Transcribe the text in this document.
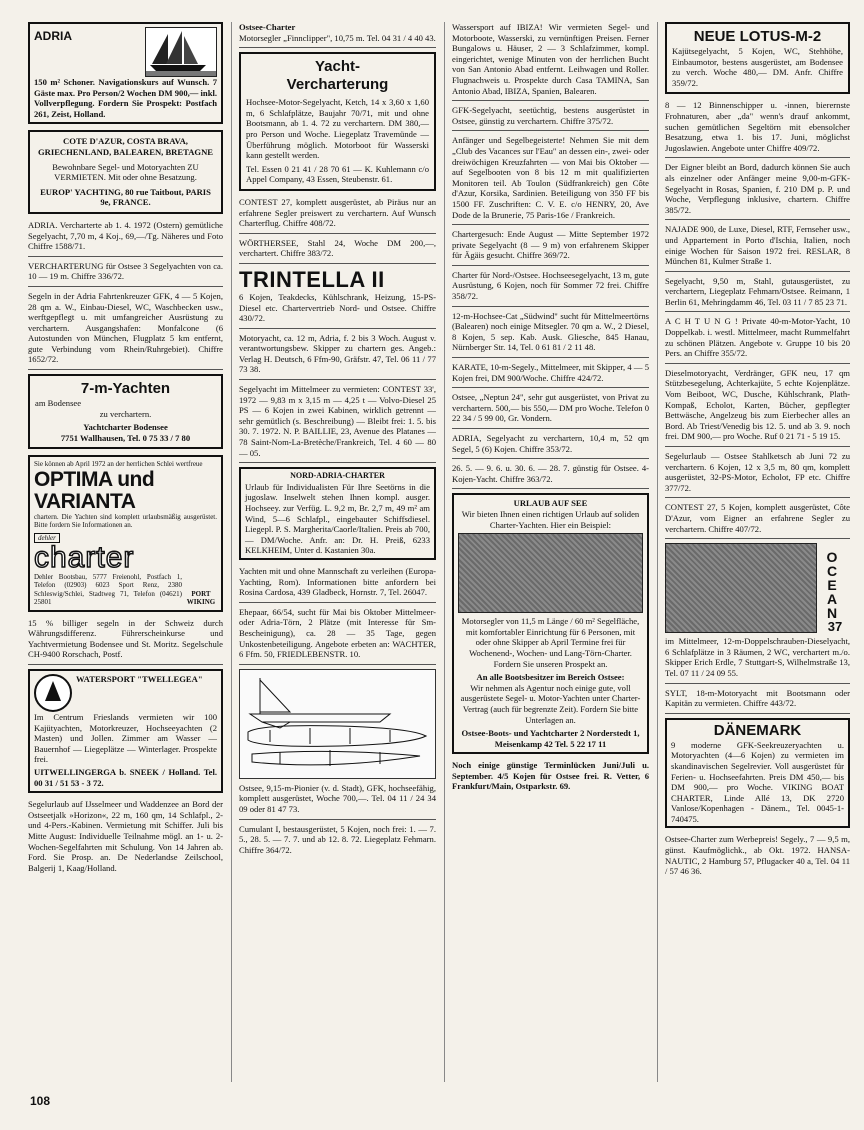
ADRIA
150 m² Schoner. Navigationskurs auf Wunsch. 7 Gäste max. Pro Person/2 Wochen DM 900,— inkl. Vollverpflegung. Fordern Sie Prospekt: Postfach 261, Zeist, Holland.
COTE D'AZUR, COSTA BRAVA, GRIECHENLAND, BALEAREN, BRETAGNE
Bewohnbare Segel- und Motoryachten ZU VERMIETEN. Mit oder ohne Besatzung.
EUROP' YACHTING, 80 rue Taitbout, PARIS 9e, FRANCE.
ADRIA. Vercharterte ab 1. 4. 1972 (Ostern) gemütliche Segelyacht, 7,70 m, 4 Koj., 69,—/Tg. Näheres und Foto Chiffre 1588/71.
VERCHARTERUNG für Ostsee 3 Segelyachten von ca. 10 — 19 m. Chiffre 336/72.
Segeln in der Adria Fahrtenkreuzer GFK, 4 — 5 Kojen, 28 qm a. W., Einbau-Diesel, WC, Waschbecken usw., werftgepflegt u. mit umfangreicher Ausrüstung zu verchartern. Ausgangshafen: Monfalcone (6 Autostunden von München, Flugplatz 5 km entfernt, gute Verbindung vom Rhein/Ruhrgebiet). Chiffre 1652/72.
7-m-Yachten
am Bodensee
zu verchartern.
Yachtcharter Bodensee
7751 Wallhausen, Tel. 0 75 33 / 7 80
Sie können ab April 1972 an der herrlichen Schlei wertfreue
OPTIMA und
VARIANTA
chartern. Die Yachten sind komplett urlaubsmäßig ausgerüstet. Bitte fordern Sie Informationen an.
dehler
charter
Dehler Bootsbau, 5777 Freienohl, Postfach 1, Telefon (02903) 6023 Sport Renz, 2380 Schleswig/Schlei, Stadtweg 71, Telefon (04621) 25801
PORT WIKING
15 % billiger segeln in der Schweiz durch Währungsdifferenz. Führerscheinkurse und Yachtvermietung Bodensee und St. Moritz. Segelschule CH-9400 Rorschach, Postf.
WATERSPORT "TWELLEGEA"
Im Centrum Frieslands vermieten wir 100 Kajütyachten, Motorkreuzer, Hochseeyachten (2 Masten) und Jollen. Zimmer am Wasser — Bauernhof — Liegeplätze — Winterlager. Prospekte frei.
UITWELLINGERGA b. SNEEK / Holland. Tel. 00 31 / 51 53 - 3 72.
Segelurlaub auf IJsselmeer und Waddenzee an Bord der Ostseetjalk »Horizon«, 22 m, 160 qm, 14 Schlafpl., 2- und 4-Pers.-Kabinen. Vermietung mit Schiffer. Juli bis Mitte August: Individuelle Teilnahme mögl. an 1- u. 2-Wochen-Segelfahrten mit Schulung. Von 14 Jahren ab. Ford. Sie Prosp. an. De Nederlandse Zeilschool, Balgerij 1, Kaag/Holland.
Ostsee-Charter
Motorsegler „Finnclipper", 10,75 m. Tel. 04 31 / 4 40 43.
Yacht-
Vercharterung
Hochsee-Motor-Segelyacht, Ketch, 14 x 3,60 x 1,60 m, 6 Schlafplätze, Baujahr 70/71, mit und ohne Bootsmann, ab 1. 4. 72 zu verchartern. DM 380,— pro Person und Woche. Liegeplatz Travemünde — Überführung möglich. Motorboot für Wasserski kann gestellt werden.
Tel. Essen 0 21 41 / 28 70 61 — K. Kuhlemann c/o Appel Company, 43 Essen, Steubenstr. 61.
CONTEST 27, komplett ausgerüstet, ab Piräus nur an erfahrene Segler preiswert zu verchartern. Auf Wunsch Charterflug. Chiffre 408/72.
WÖRTHERSEE, Stahl 24, Woche DM 200,—, verchartert. Chiffre 383/72.
TRINTELLA II
6 Kojen, Teakdecks, Kühlschrank, Heizung, 15-PS-Diesel etc. Chartervertrieb Nord- und Ostsee. Chiffre 430/72.
Motoryacht, ca. 12 m, Adria, f. 2 bis 3 Woch. August v. verantwortungsbew. Skipper zu chartern ges. Angeb.: Verlag H. Deutsch, 6 Ffm-90, Gräfstr. 47, Tel. 06 11 / 77 73 38.
Segelyacht im Mittelmeer zu vermieten: CONTEST 33', 1972 — 9,83 m x 3,15 m — 4,25 t — Volvo-Diesel 25 PS — 6 Kojen in zwei Kabinen, wirklich getrennt — sehr gemütlich (s. Beschreibung) — Bleibt frei: 1. 5. bis 30. 7. 1972. N. P. BAILLIE, 23, Avenue des Platanes — 78 Saint-Nom-La-Bretèche/Frankreich, Tel. 4 60 — 80 — 05.
NORD-ADRIA-CHARTER
Urlaub für Individualisten Für Ihre Seetörns in die jugoslaw. Inselwelt stehen Ihnen kompl. ausger. Hochseey. zur Verfüg. L. 9,2 m, Br. 2,7 m, 49 m² am Wind, 5—6 Schlafpl., eingebauter Schiffsdiesel. Liegepl. P. S. Margherita/Caorle/Italien. Preis ab 700,— DM/Woche. Anfr. an: Dr. H. Preiß, 6233 KELKHEIM, Unter d. Kastanien 30a.
Yachten mit und ohne Mannschaft zu verleihen (Europa-Yachting, Rom). Informationen bitte anfordern bei Rosina Cardosa, 439 Gladbeck, Hornstr. 7, Tel. 26047.
Ehepaar, 66/54, sucht für Mai bis Oktober Mittelmeer- oder Adria-Törn, 2 Plätze (mit Interesse für Sm-Bescheinigung), ca. 28 — 35 Tage, gegen Unkostenbeteiligung. Angebote erbeten an: WACHTER, 6 Ffm. 50, FRIEDLEBENSTR. 10.
Ostsee, 9,15-m-Pionier (v. d. Stadt), GFK, hochseefähig, komplett ausgerüstet, Woche 700,—. Tel. 04 11 / 24 34 09 oder 81 47 73.
Cumulant I, bestausgerüstet, 5 Kojen, noch frei: 1. — 7. 5., 28. 5. — 7. 7. und ab 12. 8. 72. Liegeplatz Fehmarn. Chiffre 364/72.
Wassersport auf IBIZA! Wir vermieten Segel- und Motorboote, Wasserski, zu vernünftigen Preisen. Ferner Bungalows u. Häuser, 2 — 3 Schlafzimmer, kompl. eingerichtet, wenige Minuten von der herrlichen Bucht von San Antonio Abad entfernt. Leihwagen und Roller. Flugnachweis u. Prospekte durch Casa TAMINA, San Antonio Abad, IBIZA, Spanien, Balearen.
GFK-Segelyacht, seetüchtig, bestens ausgerüstet in Ostsee, günstig zu verchartern. Chiffre 375/72.
Anfänger und Segelbegeisterte! Nehmen Sie mit dem „Club des Vacances sur l'Eau" an dessen ein-, zwei- oder dreiwöchigen Kreuzfahrten — von Mai bis Oktober — auf Segelbooten von 8 bis 12 m mit qualifizierten Monitoren teil. Ab Toulon (Südfrankreich) gen Côte d'Azur, Korsika, Sardinien. Beteiligung von 350 FF bis 1500 FF. Zuschriften: C. V. E. c/o HENRY, 20, Ave Dode de la Brunerie, 75 Paris-16e / Frankreich.
Chartergesuch: Ende August — Mitte September 1972 private Segelyacht (8 — 9 m) von erfahrenem Skipper für Ägäis gesucht. Chiffre 369/72.
Charter für Nord-/Ostsee. Hochseesegelyacht, 13 m, gute Ausrüstung, 6 Kojen, noch für Sommer 72 frei. Chiffre 358/72.
12-m-Hochsee-Cat „Südwind" sucht für Mittelmeertörns (Balearen) noch einige Mitsegler. 70 qm a. W., 2 Diesel, 8 Kojen, 5 sep. Kab. Ausk. Gliesche, 845 Hanau, Nürnberger Str. 14, Tel. 0 61 81 / 2 11 48.
KARATE, 10-m-Segely., Mittelmeer, mit Skipper, 4 — 5 Kojen frei, DM 900/Woche. Chiffre 424/72.
Ostsee, „Neptun 24", sehr gut ausgerüstet, von Privat zu verchartern. 500,— bis 550,— DM pro Woche. Telefon 0 22 34 / 5 99 00, Gr. Vondern.
ADRIA, Segelyacht zu verchartern, 10,4 m, 52 qm Segel, 5 (6) Kojen. Chiffre 353/72.
26. 5. — 9. 6. u. 30. 6. — 28. 7. günstig für Ostsee. 4-Kojen-Yacht. Chiffre 363/72.
URLAUB AUF SEE
Wir bieten Ihnen einen richtigen Urlaub auf soliden Charter-Yachten. Hier ein Beispiel:
Motorsegler von 11,5 m Länge / 60 m² Segelfläche, mit komfortabler Einrichtung für 6 Personen, mit oder ohne Skipper ab April Termine frei für Wochenend-, Wochen- und Lang-Törn-Charter. Fordern Sie unseren Prospekt an.
An alle Bootsbesitzer im Bereich Ostsee:
Wir nehmen als Agentur noch einige gute, voll ausgerüstete Segel- u. Motor-Yachten unter Charter-Vertrag (auch für begrenzte Zeit). Fordern Sie bitte Unterlagen an.
Ostsee-Boots- und Yachtcharter 2 Norderstedt 1, Meisenkamp 42 Tel. 5 22 17 11
Noch einige günstige Terminlücken Juni/Juli u. September. 4/5 Kojen für Ostsee frei. R. Vetter, 6 Frankfurt/Main, Ostparkstr. 69.
NEUE LOTUS-M-2
Kajütsegelyacht, 5 Kojen, WC, Stehhöhe, Einbaumotor, bestens ausgerüstet, am Bodensee zu verch. Woche 480,— DM. Anfr. Chiffre 359/72.
8 — 12 Binnenschipper u. -innen, bierernste Frohnaturen, aber „da" wenn's drauf ankommt, suchen gemütlichen Segeltörn mit ebensolcher Besatzung, etwa 1. bis 17. Juni, möglichst Jugoslawien. Angebote unter Chiffre 409/72.
Der Eigner bleibt an Bord, dadurch können Sie auch als einzelner oder Anfänger meine 9,00-m-GFK-Segelyacht in Rosas, Spanien, f. 210 DM p. P. und Woche, Verpflegung inklusive, chartern. Chiffre 385/72.
NAJADE 900, de Luxe, Diesel, RTF, Fernseher usw., und Appartement in Porto d'Ischia, Italien, noch einige Wochen für Saison 1972 frei. RESLAR, 8 München 81, Kulmer Straße 1.
Segelyacht, 9,50 m, Stahl, gutausgerüstet, zu verchartern, Liegeplatz Fehmarn/Ostsee. Reimann, 1 Berlin 61, Mehringdamm 46, Tel. 03 11 / 7 85 23 71.
A C H T U N G ! Private 40-m-Motor-Yacht, 10 Doppelkab. i. westl. Mittelmeer, macht Rummelfahrt zu schönen Plätzen. Angebote v. Gruppe 10 bis 20 Pers. an Chiffre 355/72.
Dieselmotoryacht, Verdränger, GFK neu, 17 qm Stützbesegelung, Achterkajüte, 5 echte Kojenplätze. Vom Beiboot, WC, Dusche, Kühlschrank, Plath-Kompaß, Echolot, Karten, Bücher, gepflegter Bettwäsche, Angelzeug bis zum Eierbecher alles an Bord. Ab Triest/Venedig bis 12. 5. und ab 3. 9. noch frei. DM 900,— pro Woche. Ruf 0 21 71 - 5 19 15.
Segelurlaub — Ostsee Stahlketsch ab Juni 72 zu verchartern. 6 Kojen, 12 x 3,5 m, 80 qm, komplett ausgerüstet, 32-PS-Motor, Echolot, FP etc. Chiffre 377/72.
CONTEST 27, 5 Kojen, komplett ausgerüstet, Côte D'Azur, vom Eigner an erfahrene Segler zu verchartern. Chiffre 407/72.
OCEAN
37
im Mittelmeer, 12-m-Doppelschrauben-Dieselyacht, 6 Schlafplätze in 3 Räumen, 2 WC, verchartert m./o. Skipper Erich Erdle, 7 Stuttgart-S, Wilhelmstraße 13, Tel. 07 11 / 24 09 55.
SYLT, 18-m-Motoryacht mit Bootsmann oder Kapitän zu vermieten. Chiffre 443/72.
DÄNEMARK
9 moderne GFK-Seekreuzeryachten u. Motoryachten (4—6 Kojen) zu vermieten im skandinavischen Segelrevier. Voll ausgerüstet für Ferien- u. Hochseefahrten. Preis DM 450,— bis DM 900,— pro Woche. VIKING BOAT CHARTER, Linde Allé 13, DK 2720 Vanlose/Kopenhagen - Dänem., Tel. 0045-1-740475.
Ostsee-Charter zum Werbepreis! Segely., 7 — 9,5 m, günst. Kaufmöglichk., ab Okt. 1972. HANSA-NAUTIC, 2 Hamburg 57, Pflugacker 40 a, Tel. 04 11 / 57 46 36.
108
